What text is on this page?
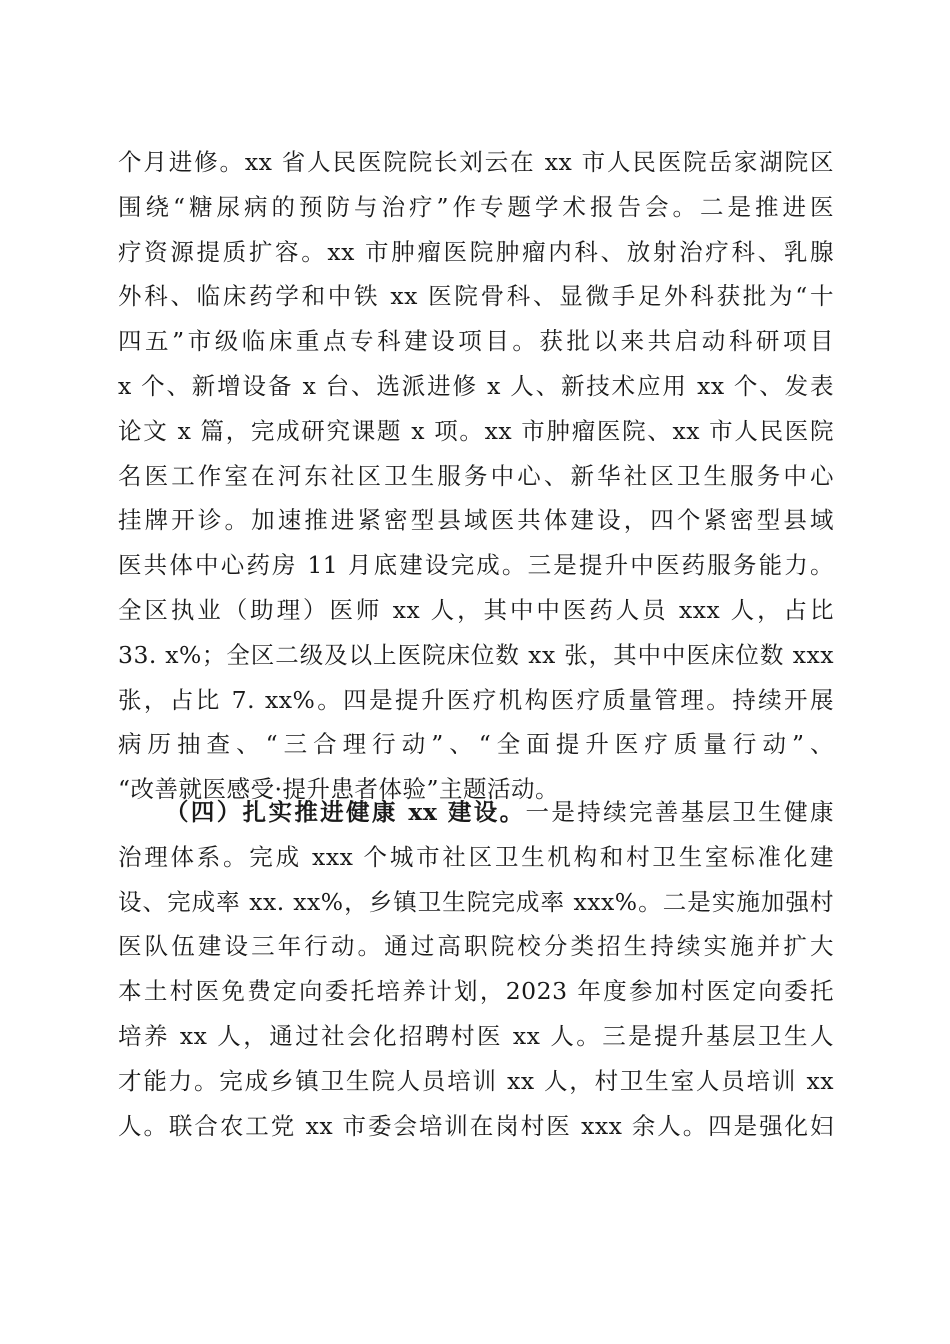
个月进修。xx 省人民医院院长刘云在 xx 市人民医院岳家湖院区
围绕“糖尿病的预防与治疗”作专题学术报告会。二是推进医
疗资源提质扩容。xx 市肿瘤医院肿瘤内科、放射治疗科、乳腺
外科、临床药学和中铁 xx 医院骨科、显微手足外科获批为“十
四五”市级临床重点专科建设项目。获批以来共启动科研项目
x 个、新增设备 x 台、选派进修 x 人、新技术应用 xx 个、发表
论文 x 篇，完成研究课题 x 项。xx 市肿瘤医院、xx 市人民医院
名医工作室在河东社区卫生服务中心、新华社区卫生服务中心
挂牌开诊。加速推进紧密型县域医共体建设，四个紧密型县域
医共体中心药房 11 月底建设完成。三是提升中医药服务能力。
全区执业（助理）医师 xx 人，其中中医药人员 xxx 人，占比
33. x%；全区二级及以上医院床位数 xx 张，其中中医床位数 xxx
张，占比 7. xx%。四是提升医疗机构医疗质量管理。持续开展
病历抽查、“三合理行动”、“全面提升医疗质量行动”、
“改善就医感受·提升患者体验”主题活动。
（四）扎实推进健康 xx 建设。一是持续完善基层卫生健康
治理体系。完成 xxx 个城市社区卫生机构和村卫生室标准化建
设、完成率 xx. xx%，乡镇卫生院完成率 xxx%。二是实施加强村
医队伍建设三年行动。通过高职院校分类招生持续实施并扩大
本土村医免费定向委托培养计划，2023 年度参加村医定向委托
培养 xx 人，通过社会化招聘村医 xx 人。三是提升基层卫生人
才能力。完成乡镇卫生院人员培训 xx 人，村卫生室人员培训 xx
人。联合农工党 xx 市委会培训在岗村医 xxx 余人。四是强化妇
